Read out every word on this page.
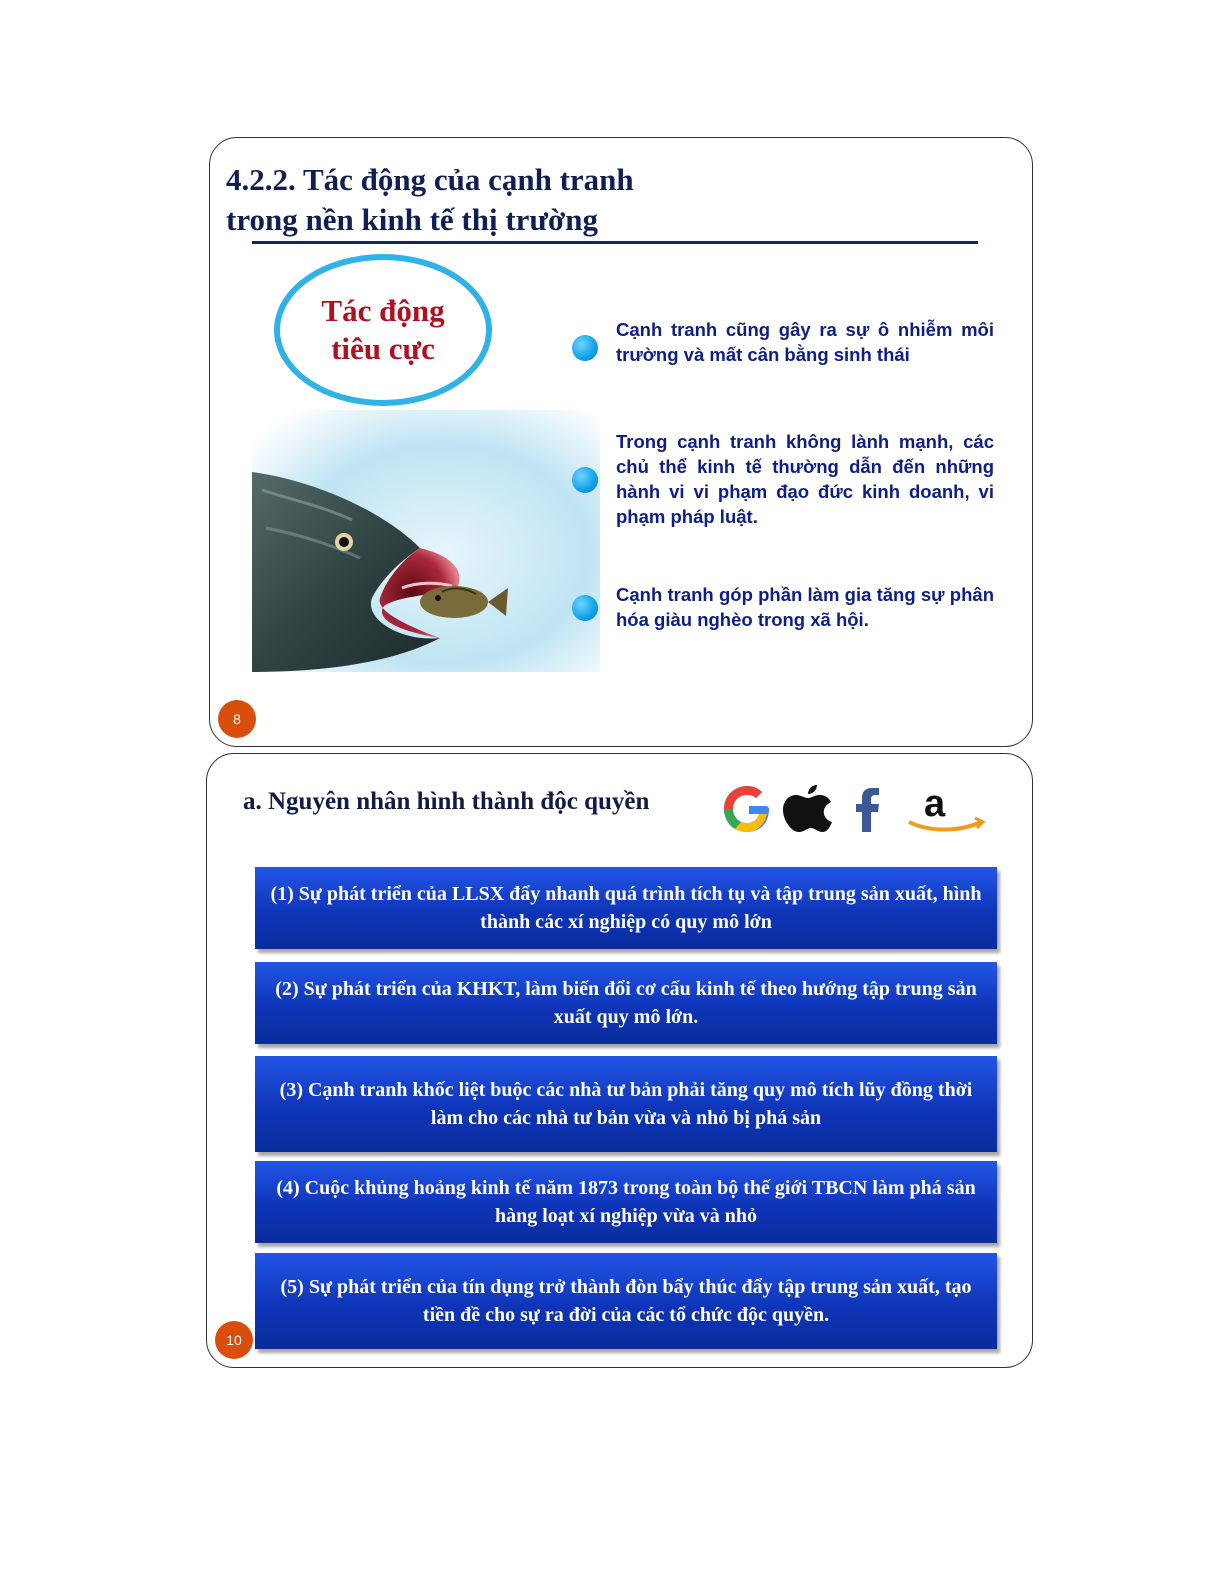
4.2.2. Tác động của cạnh tranh
trong nền kinh tế thị trường
Tác động
tiêu cực

Cạnh tranh cũng gây ra sự ô nhiễm môi trường và mất cân bằng sinh thái

Trong cạnh tranh không lành mạnh, các chủ thể kinh tế thường dẫn đến những hành vi vi phạm đạo đức kinh doanh, vi phạm pháp luật.

Cạnh tranh góp phần làm gia tăng sự phân hóa giàu nghèo trong xã hội.

8
a. Nguyên nhân hình thành độc quyền	a
(1) Sự phát triển của LLSX đẩy nhanh quá trình tích tụ và tập trung sản xuất, hình thành các xí nghiệp có quy mô lớn
(2) Sự phát triển của KHKT, làm biến đổi cơ cấu kinh tế theo hướng tập trung sản xuất quy mô lớn.
(3) Cạnh tranh khốc liệt buộc các nhà tư bản phải tăng quy mô tích lũy đồng thời làm cho các nhà tư bản vừa và nhỏ bị phá sản
(4) Cuộc khủng hoảng kinh tế năm 1873 trong toàn bộ thế giới TBCN làm phá sản hàng loạt xí nghiệp vừa và nhỏ
(5) Sự phát triển của tín dụng trở thành đòn bẩy thúc đẩy tập trung sản xuất, tạo tiền đề cho sự ra đời của các tổ chức độc quyền.
10
